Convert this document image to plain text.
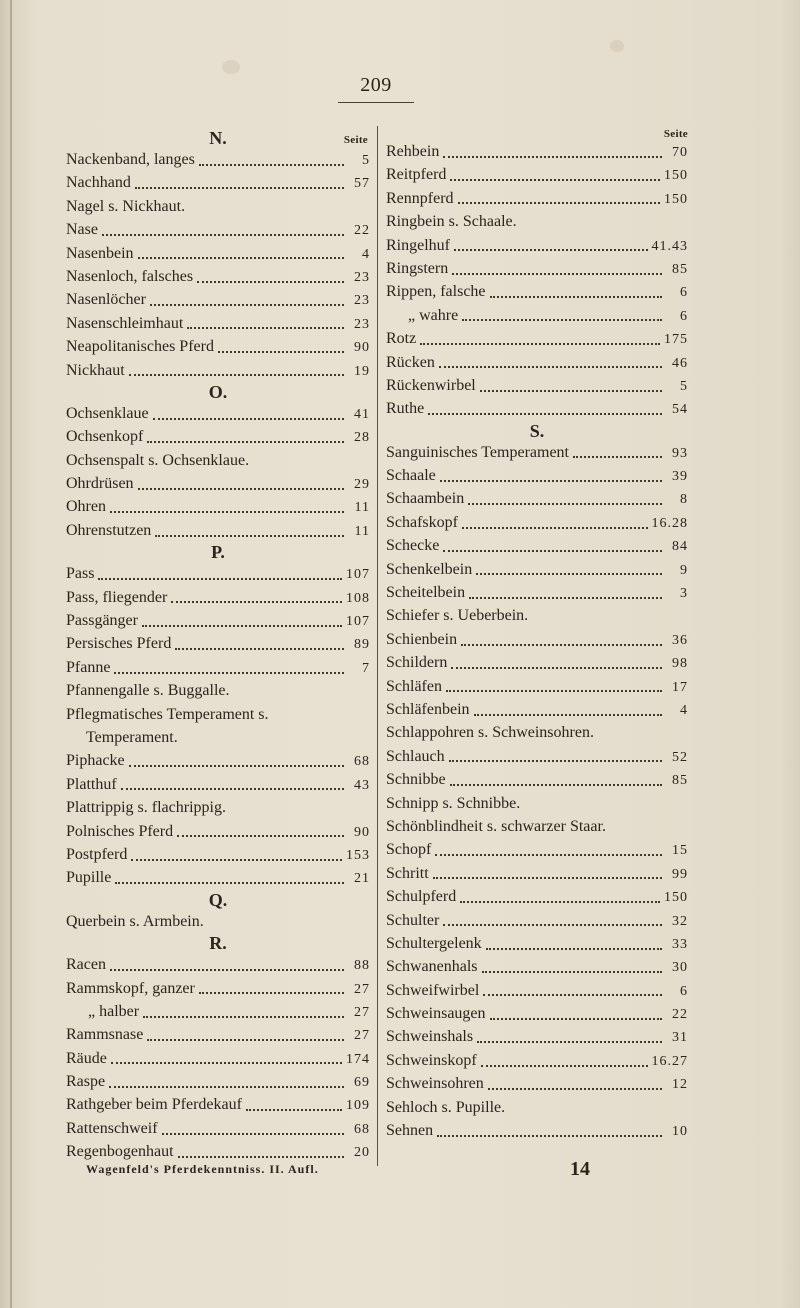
209
Seite
N.
Nackenband, langes	5
Nachhand	57
Nagel s. Nickhaut.
Nase	22
Nasenbein	4
Nasenloch, falsches	23
Nasenlöcher	23
Nasenschleimhaut	23
Neapolitanisches Pferd	90
Nickhaut	19
O.
Ochsenklaue	41
Ochsenkopf	28
Ochsenspalt s. Ochsenklaue.
Ohrdrüsen	29
Ohren	11
Ohrenstutzen	11
P.
Pass	107
Pass, fliegender	108
Passgänger	107
Persisches Pferd	89
Pfanne	7
Pfannengalle s. Buggalle.
Pflegmatisches Temperament s.
Temperament.
Piphacke	68
Platthuf	43
Plattrippig s. flachrippig.
Polnisches Pferd	90
Postpferd	153
Pupille	21
Q.
Querbein s. Armbein.
R.
Racen	88
Rammskopf, ganzer	27
„ halber	27
Rammsnase	27
Räude	174
Raspe	69
Rathgeber beim Pferdekauf	109
Rattenschweif	68
Regenbogenhaut	20
Seite
Rehbein	70
Reitpferd	150
Rennpferd	150
Ringbein s. Schaale.
Ringelhuf	41.43
Ringstern	85
Rippen, falsche	6
„ wahre	6
Rotz	175
Rücken	46
Rückenwirbel	5
Ruthe	54
S.
Sanguinisches Temperament	93
Schaale	39
Schaambein	8
Schafskopf	16.28
Schecke	84
Schenkelbein	9
Scheitelbein	3
Schiefer s. Ueberbein.
Schienbein	36
Schildern	98
Schläfen	17
Schläfenbein	4
Schlappohren s. Schweinsohren.
Schlauch	52
Schnibbe	85
Schnipp s. Schnibbe.
Schönblindheit s. schwarzer Staar.
Schopf	15
Schritt	99
Schulpferd	150
Schulter	32
Schultergelenk	33
Schwanenhals	30
Schweifwirbel	6
Schweinsaugen	22
Schweinshals	31
Schweinskopf	16.27
Schweinsohren	12
Sehloch s. Pupille.
Sehnen	10
Wagenfeld's Pferdekenntniss. II. Aufl.	14
